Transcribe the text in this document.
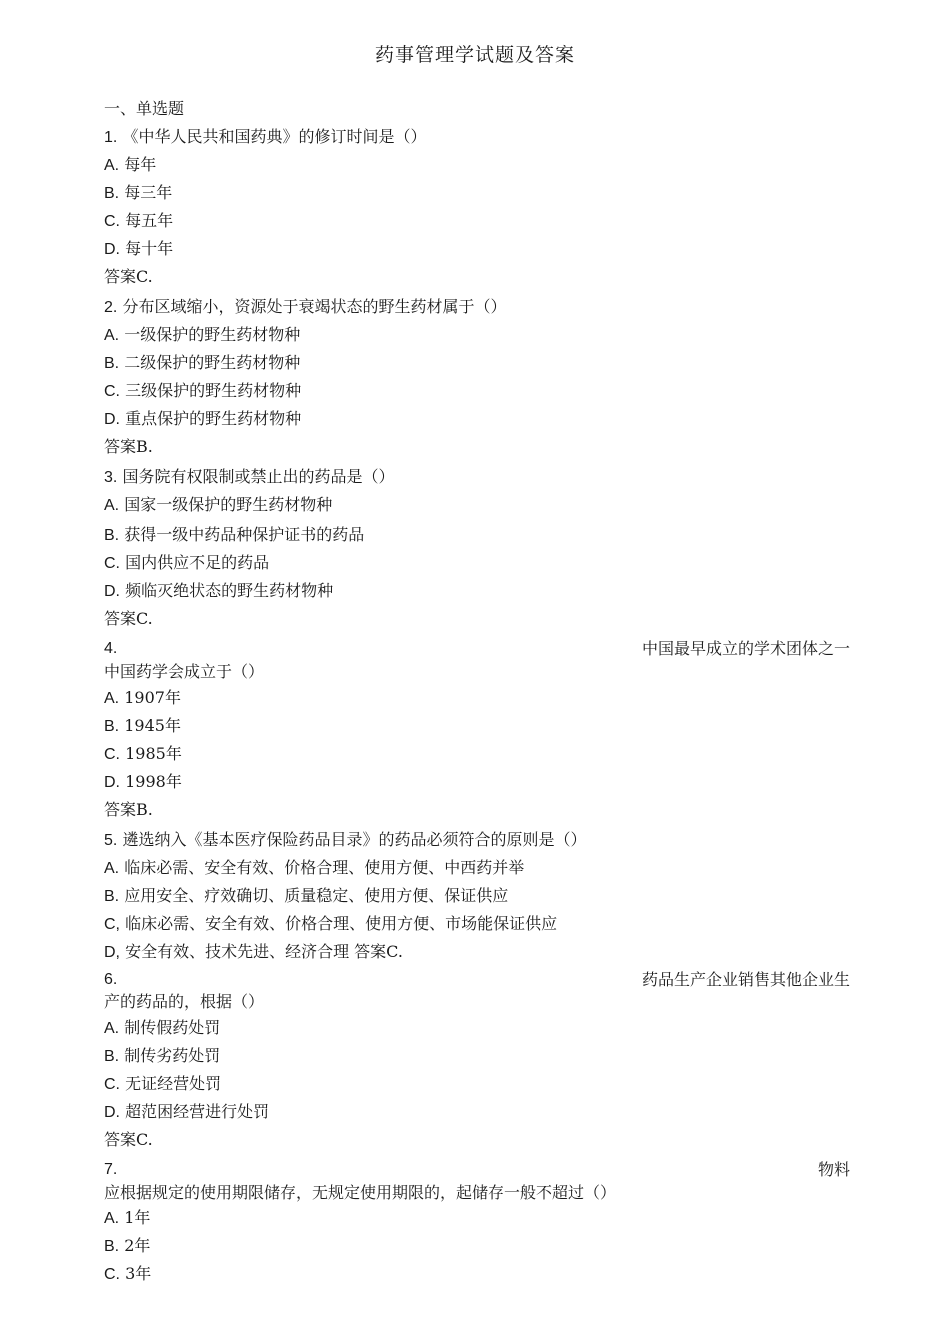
药事管理学试题及答案
一、单选题
1. 《中华人民共和国药典》的修订时间是（）
A. 每年
B. 每三年
C. 每五年
D. 每十年
答案C.
2. 分布区域缩小，资源处于衰竭状态的野生药材属于（）
A. 一级保护的野生药材物种
B. 二级保护的野生药材物种
C. 三级保护的野生药材物种
D. 重点保护的野生药材物种
答案B.
3. 国务院有权限制或禁止出的药品是（）
A. 国家一级保护的野生药材物种
B. 获得一级中药品种保护证书的药品
C. 国内供应不足的药品
D. 频临灭绝状态的野生药材物种
答案C.
4.	中国最早成立的学术团体之一
中国药学会成立于（）
A. 1907年
B. 1945年
C. 1985年
D. 1998年
答案B.
5. 遴选纳入《基本医疗保险药品目录》的药品必须符合的原则是（）
A. 临床必需、安全有效、价格合理、使用方便、中西药并举
B. 应用安全、疗效确切、质量稳定、使用方便、保证供应
C, 临床必需、安全有效、价格合理、使用方便、市场能保证供应
D, 安全有效、技术先进、经济合理 答案C.
6.	药品生产企业销售其他企业生
产的药品的，根据（）
A. 制传假药处罚
B. 制传劣药处罚
C. 无证经营处罚
D. 超范困经营进行处罚
答案C.
7.	物料
应根据规定的使用期限储存，无规定使用期限的，起储存一般不超过（）
A. 1年
B. 2年
C. 3年
